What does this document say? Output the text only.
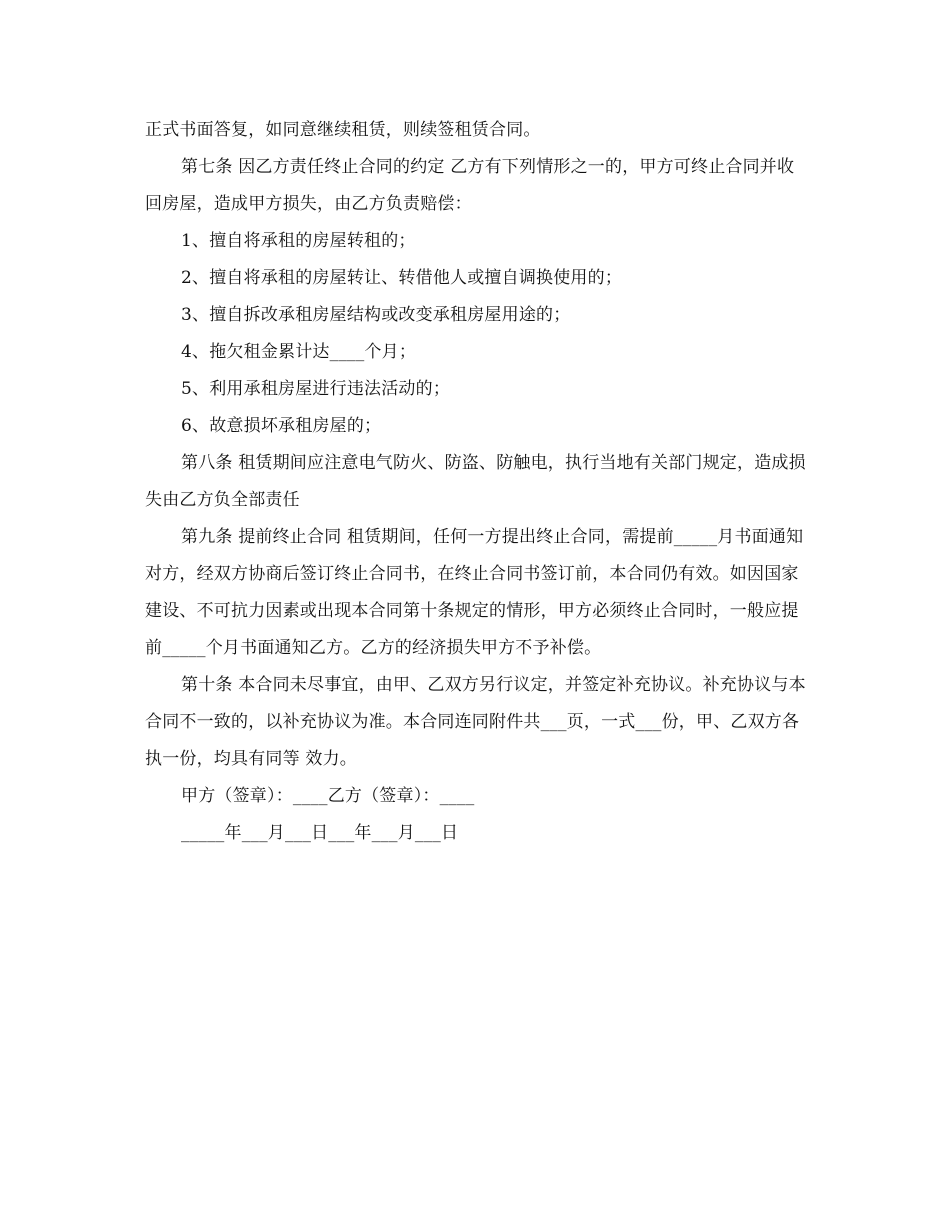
正式书面答复，如同意继续租赁，则续签租赁合同。

第七条 因乙方责任终止合同的约定 乙方有下列情形之一的，甲方可终止合同并收回房屋，造成甲方损失，由乙方负责赔偿：

1、擅自将承租的房屋转租的；

2、擅自将承租的房屋转让、转借他人或擅自调换使用的；

3、擅自拆改承租房屋结构或改变承租房屋用途的；

4、拖欠租金累计达____个月；

5、利用承租房屋进行违法活动的；

6、故意损坏承租房屋的；

第八条 租赁期间应注意电气防火、防盗、防触电，执行当地有关部门规定，造成损失由乙方负全部责任

第九条 提前终止合同 租赁期间，任何一方提出终止合同，需提前_____月书面通知对方，经双方协商后签订终止合同书，在终止合同书签订前，本合同仍有效。如因国家建设、不可抗力因素或出现本合同第十条规定的情形，甲方必须终止合同时，一般应提前_____个月书面通知乙方。乙方的经济损失甲方不予补偿。

第十条 本合同未尽事宜，由甲、乙双方另行议定，并签定补充协议。补充协议与本合同不一致的，以补充协议为准。本合同连同附件共___页，一式___份，甲、乙双方各执一份，均具有同等 效力。

甲方（签章）：____乙方（签章）：____

_____年___月___日___年___月___日
